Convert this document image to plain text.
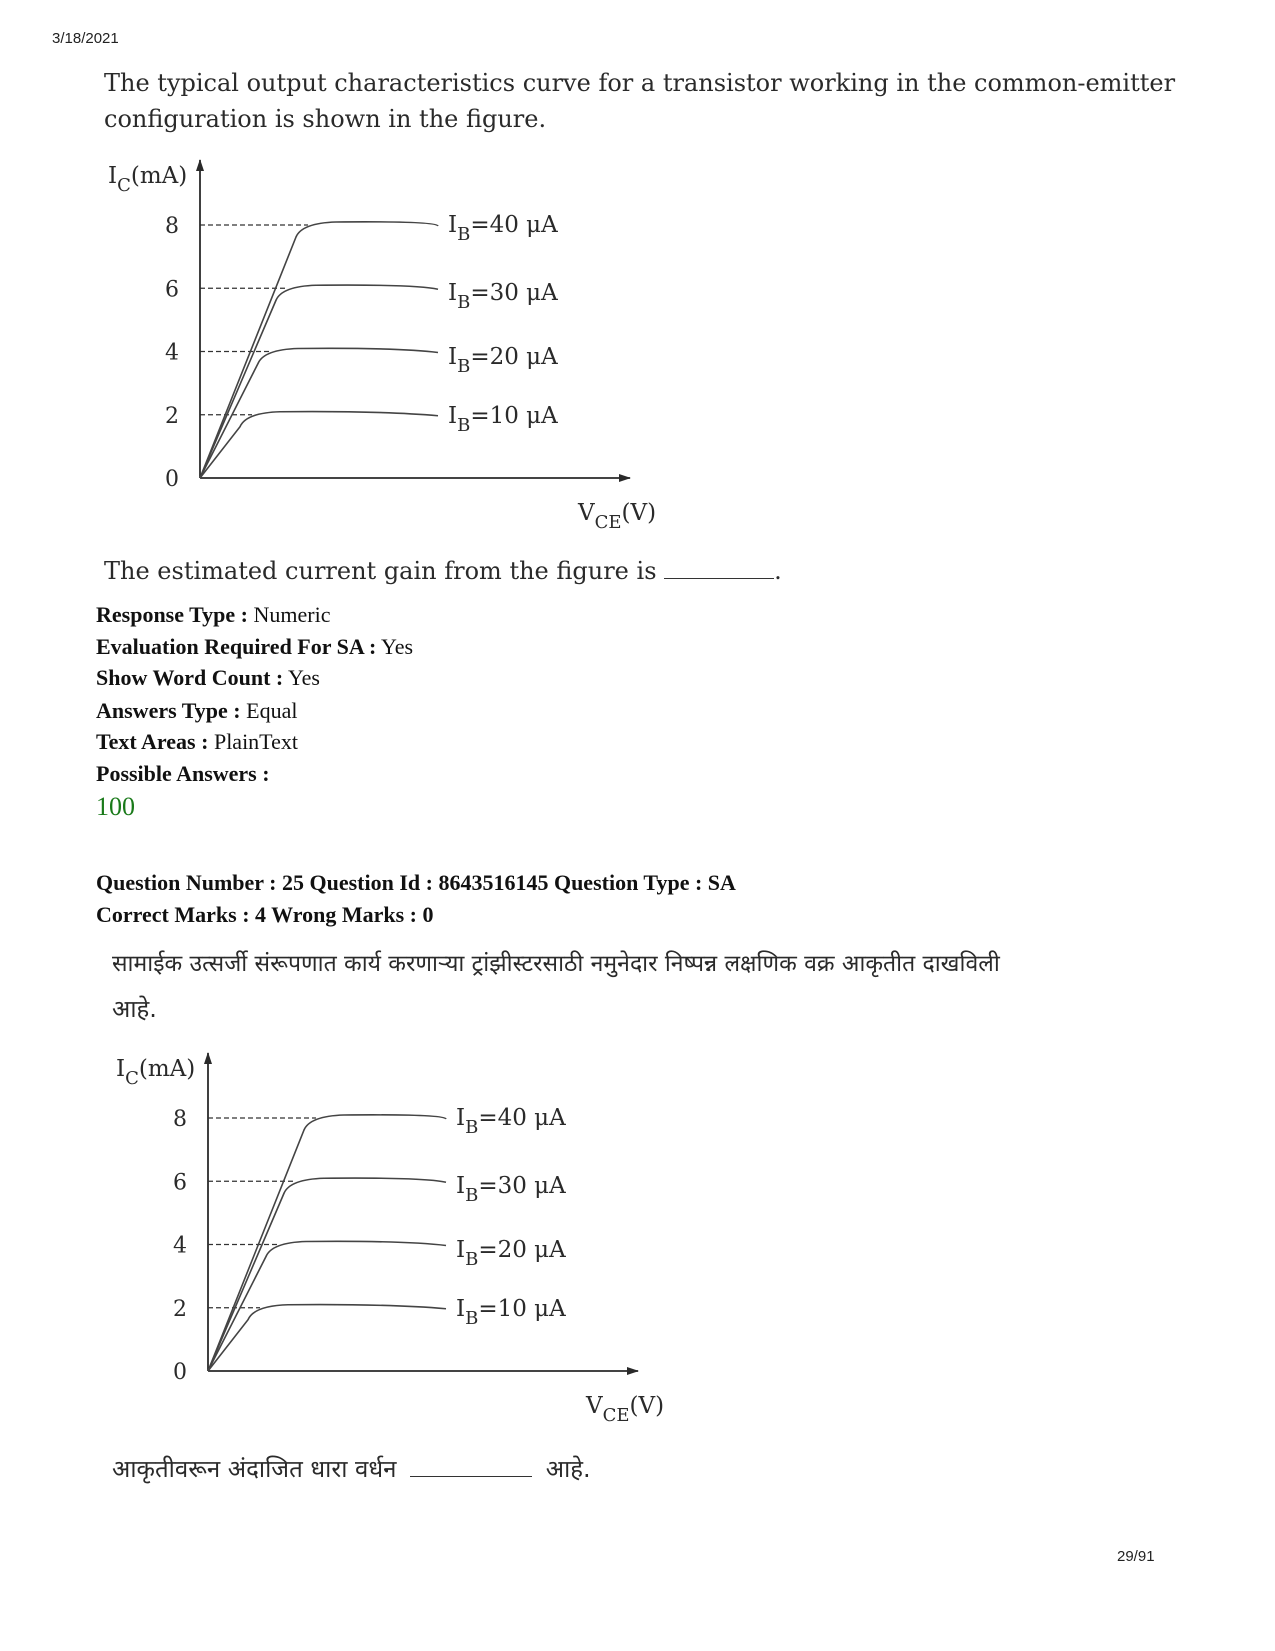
3/18/2021
29/91
The typical output characteristics curve for a transistor working in the common-emitter
configuration is shown in the figure.
0
2
4
6
8
$I_B=10$ μA
$I_B=20$ μA
$I_B=30$ μA
$I_B=40$ μA
$I_C(mA)$
$V_{CE}(V)$
The estimated current gain from the figure is	.
Response Type : Numeric
Evaluation Required For SA : Yes
Show Word Count : Yes
Answers Type : Equal
Text Areas : PlainText
Possible Answers :
100
Question Number : 25 Question Id : 8643516145 Question Type : SA
Correct Marks : 4 Wrong Marks : 0
सामाईक उत्सर्जी संरूपणात कार्य करणाऱ्या ट्रांझीस्टरसाठी नमुनेदार निष्पन्न लक्षणिक वक्र आकृतीत दाखविली
आहे.
0
2
4
6
8
$I_B=10$ μA
$I_B=20$ μA
$I_B=30$ μA
$I_B=40$ μA
$I_C(mA)$
$V_{CE}(V)$
आकृतीवरून अंदाजित धारा वर्धन	आहे.
